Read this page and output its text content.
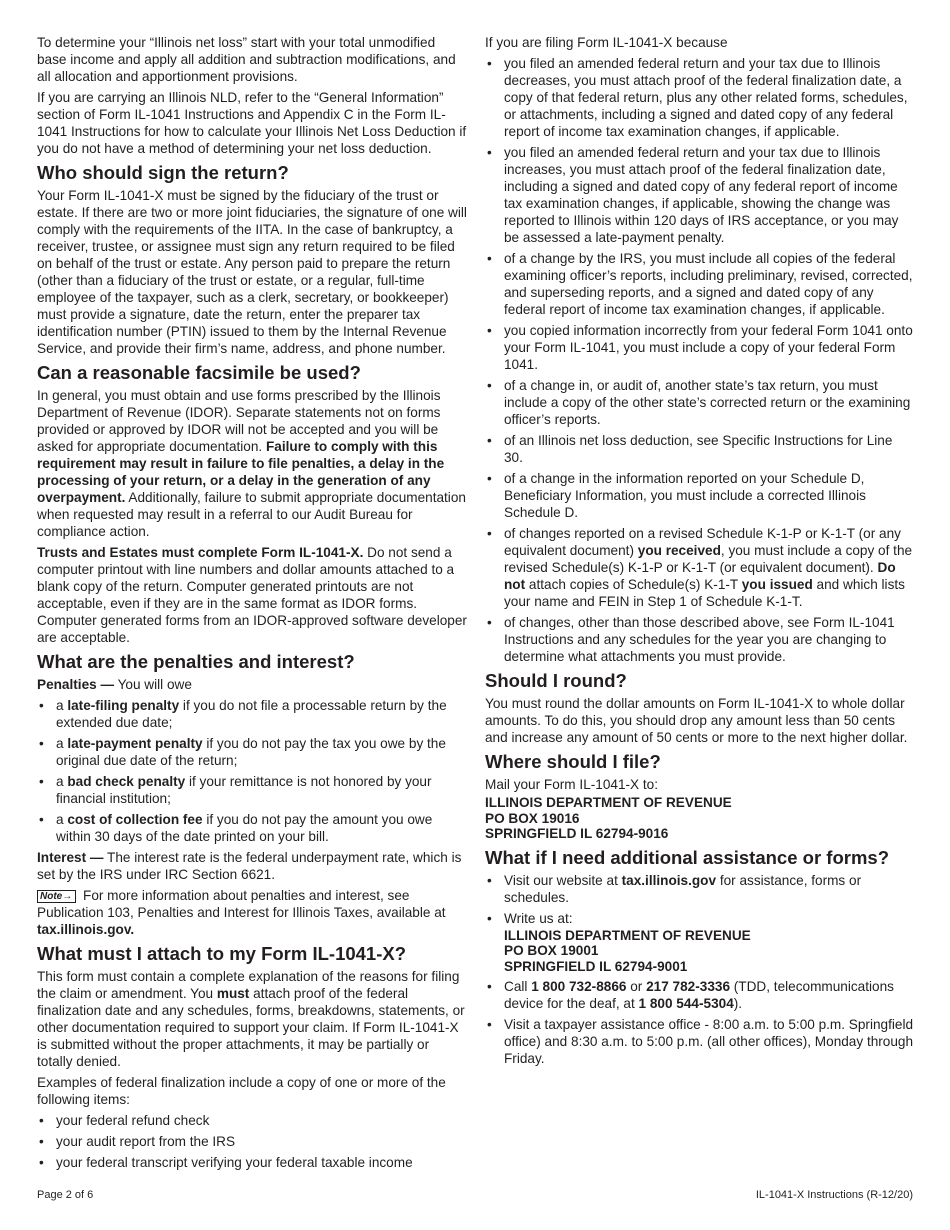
To determine your “Illinois net loss” start with your total unmodified base income and apply all addition and subtraction modifications, and all allocation and apportionment provisions.

If you are carrying an Illinois NLD, refer to the “General Information” section of Form IL-1041 Instructions and Appendix C in the Form IL-1041 Instructions for how to calculate your Illinois Net Loss Deduction if you do not have a method of determining your net loss deduction.

Who should sign the return?

Your Form IL-1041-X must be signed by the fiduciary of the trust or estate. If there are two or more joint fiduciaries, the signature of one will comply with the requirements of the IITA. In the case of bankruptcy, a receiver, trustee, or assignee must sign any return required to be filed on behalf of the trust or estate. Any person paid to prepare the return (other than a fiduciary of the trust or estate, or a regular, full-time employee of the taxpayer, such as a clerk, secretary, or bookkeeper) must provide a signature, date the return, enter the preparer tax identification number (PTIN) issued to them by the Internal Revenue Service, and provide their firm’s name, address, and phone number.

Can a reasonable facsimile be used?

In general, you must obtain and use forms prescribed by the Illinois Department of Revenue (IDOR). Separate statements not on forms provided or approved by IDOR will not be accepted and you will be asked for appropriate documentation. Failure to comply with this requirement may result in failure to file penalties, a delay in the processing of your return, or a delay in the generation of any overpayment. Additionally, failure to submit appropriate documentation when requested may result in a referral to our Audit Bureau for compliance action.

Trusts and Estates must complete Form IL-1041-X. Do not send a computer printout with line numbers and dollar amounts attached to a blank copy of the return. Computer generated printouts are not acceptable, even if they are in the same format as IDOR forms. Computer generated forms from an IDOR-approved software developer are acceptable.

What are the penalties and interest?

Penalties — You will owe

• a late-filing penalty if you do not file a processable return by the extended due date;
• a late-payment penalty if you do not pay the tax you owe by the original due date of the return;
• a bad check penalty if your remittance is not honored by your financial institution;
• a cost of collection fee if you do not pay the amount you owe within 30 days of the date printed on your bill.

Interest — The interest rate is the federal underpayment rate, which is set by the IRS under IRC Section 6621.

Note→ For more information about penalties and interest, see Publication 103, Penalties and Interest for Illinois Taxes, available at tax.illinois.gov.

What must I attach to my Form IL-1041-X?

This form must contain a complete explanation of the reasons for filing the claim or amendment. You must attach proof of the federal finalization date and any schedules, forms, breakdowns, statements, or other documentation required to support your claim. If Form IL-1041-X is submitted without the proper attachments, it may be partially or totally denied.

Examples of federal finalization include a copy of one or more of the following items:

• your federal refund check
• your audit report from the IRS
• your federal transcript verifying your federal taxable income

If you are filing Form IL-1041-X because

• you filed an amended federal return and your tax due to Illinois decreases, you must attach proof of the federal finalization date, a copy of that federal return, plus any other related forms, schedules, or attachments, including a signed and dated copy of any federal report of income tax examination changes, if applicable.
• you filed an amended federal return and your tax due to Illinois increases, you must attach proof of the federal finalization date, including a signed and dated copy of any federal report of income tax examination changes, if applicable, showing the change was reported to Illinois within 120 days of IRS acceptance, or you may be assessed a late-payment penalty.
• of a change by the IRS, you must include all copies of the federal examining officer’s reports, including preliminary, revised, corrected, and superseding reports, and a signed and dated copy of any federal report of income tax examination changes, if applicable.
• you copied information incorrectly from your federal Form 1041 onto your Form IL-1041, you must include a copy of your federal Form 1041.
• of a change in, or audit of, another state’s tax return, you must include a copy of the other state’s corrected return or the examining officer’s reports.
• of an Illinois net loss deduction, see Specific Instructions for Line 30.
• of a change in the information reported on your Schedule D, Beneficiary Information, you must include a corrected Illinois Schedule D.
• of changes reported on a revised Schedule K-1-P or K-1-T (or any equivalent document) you received, you must include a copy of the revised Schedule(s) K-1-P or K-1-T (or equivalent document). Do not attach copies of Schedule(s) K-1-T you issued and which lists your name and FEIN in Step 1 of Schedule K-1-T.
• of changes, other than those described above, see Form IL-1041 Instructions and any schedules for the year you are changing to determine what attachments you must provide.
Should I round?

You must round the dollar amounts on Form IL-1041-X to whole dollar amounts. To do this, you should drop any amount less than 50 cents and increase any amount of 50 cents or more to the next higher dollar.

Where should I file?

Mail your Form IL-1041-X to:

ILLINOIS DEPARTMENT OF REVENUE
PO BOX 19016
SPRINGFIELD IL 62794-9016
What if I need additional assistance or forms?
• Visit our website at tax.illinois.gov for assistance, forms or schedules.
• Write us at:
ILLINOIS DEPARTMENT OF REVENUE
PO BOX 19001
SPRINGFIELD IL 62794-9001
• Call 1 800 732-8866 or 217 782-3336 (TDD, telecommunications device for the deaf, at 1 800 544-5304).
• Visit a taxpayer assistance office - 8:00 a.m. to 5:00 p.m. Springfield office) and 8:30 a.m. to 5:00 p.m. (all other offices), Monday through Friday.
Page 2 of 6	IL-1041-X Instructions (R-12/20)
